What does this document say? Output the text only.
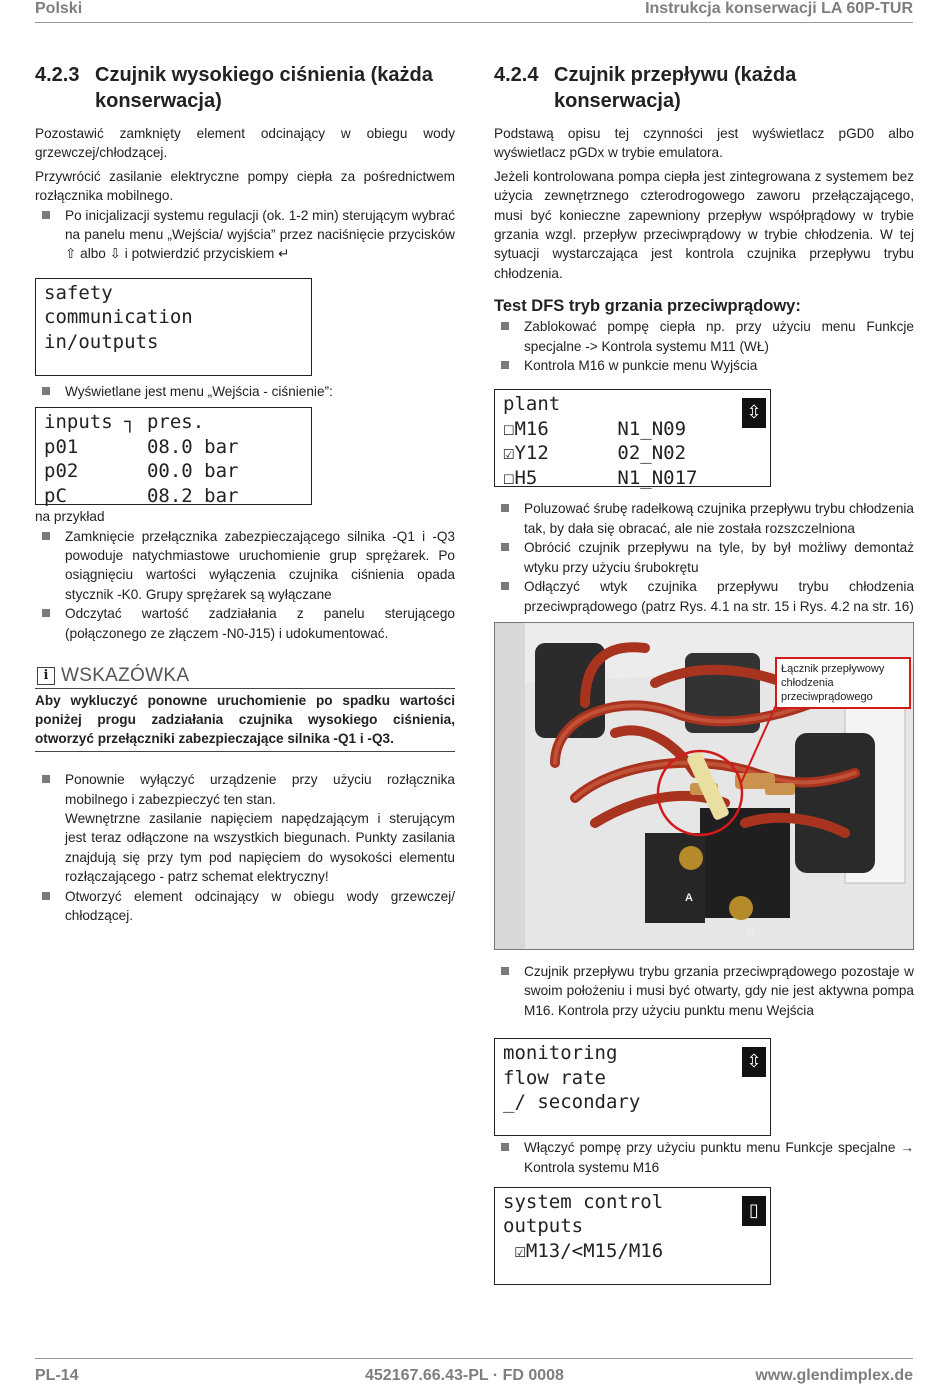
Polski	Instrukcja konserwacji LA 60P-TUR
4.2.3 Czujnik wysokiego ciśnienia (każda konserwacja)

Pozostawić zamknięty element odcinający w obiegu wody grzewczej/chłodzącej.

Przywrócić zasilanie elektryczne pompy ciepła za pośrednictwem rozłącznika mobilnego.

Po inicjalizacji systemu regulacji (ok. 1-2 min) sterującym wybrać na panelu menu „Wejścia/ wyjścia” przez naciśnięcie przycisków ⇧ albo ⇩ i potwierdzić przyciskiem ↵
safety
communication
in/outputs
Wyświetlane jest menu „Wejścia - ciśnienie”:
inputs ┐ pres.
p01      08.0 bar
p02      00.0 bar
pC       08.2 bar

na przykład

Zamknięcie przełącznika zabezpieczającego silnika -Q1 i -Q3 powoduje natychmiastowe uruchomienie grup sprężarek. Po osiągnięciu wartości wyłączenia czujnika ciśnienia opada stycznik -K0. Grupy sprężarek są wyłączane
Odczytać wartość zadziałania z panelu sterującego (połączonego ze złączem -N0-J15) i udokumentować.
i WSKAZÓWKA
Aby wykluczyć ponowne uruchomienie po spadku wartości poniżej progu zadziałania czujnika wysokiego ciśnienia, otworzyć przełączniki zabezpieczające silnika -Q1 i -Q3.
Ponownie wyłączyć urządzenie przy użyciu rozłącznika mobilnego i zabezpieczyć ten stan.
Wewnętrzne zasilanie napięciem napędzającym i sterującym jest teraz odłączone na wszystkich biegunach. Punkty zasilania znajdują się przy tym pod napięciem do wysokości elementu rozłączającego - patrz schemat elektryczny!
Otworzyć element odcinający w obiegu wody grzewczej/ chłodzącej.
4.2.4 Czujnik przepływu (każda konserwacja)

Podstawą opisu tej czynności jest wyświetlacz pGD0 albo wyświetlacz pGDx w trybie emulatora.

Jeżeli kontrolowana pompa ciepła jest zintegrowana z systemem bez użycia zewnętrznego czterodrogowego zaworu przełączającego, musi być konieczne zapewniony przepływ współprądowy w trybie grzania wzgl. przepływ przeciwprądowy w trybie chłodzenia. W tej sytuacji wystarczająca jest kontrola czujnika przepływu trybu chłodzenia.

Test DFS tryb grzania przeciwprądowy:
Zablokować pompę ciepła np. przy użyciu menu Funkcje specjalne -> Kontrola systemu M11 (WŁ)
Kontrola M16 w punkcie menu Wyjścia
plant
☐M16      N1_N09
☑Y12      02_N02
☐H5       N1_N017
⇳
Poluzować śrubę radełkową czujnika przepływu trybu chłodzenia tak, by dała się obracać, ale nie została rozszczelniona
Obrócić czujnik przepływu na tyle, by był możliwy demontaż wtyku przy użyciu śrubokrętu
Odłączyć wtyk czujnika przepływu trybu chłodzenia przeciwprądowego (patrz Rys. 4.1 na str. 15 i Rys. 4.2 na str. 16)
A
B
Łącznik przepływowy chłodzenia przeciwprądowego
Czujnik przepływu trybu grzania przeciwprądowego pozostaje w swoim położeniu i musi być otwarty, gdy nie jest aktywna pompa M16. Kontrola przy użyciu punktu menu Wejścia
monitoring
flow rate
_/ secondary
⇳
Włączyć pompę przy użyciu punktu menu Funkcje specjalne → Kontrola systemu M16
system control
outputs
☑M13/<M15/M16
▯
PL-14	452167.66.43-PL · FD 0008	www.glendimplex.de
